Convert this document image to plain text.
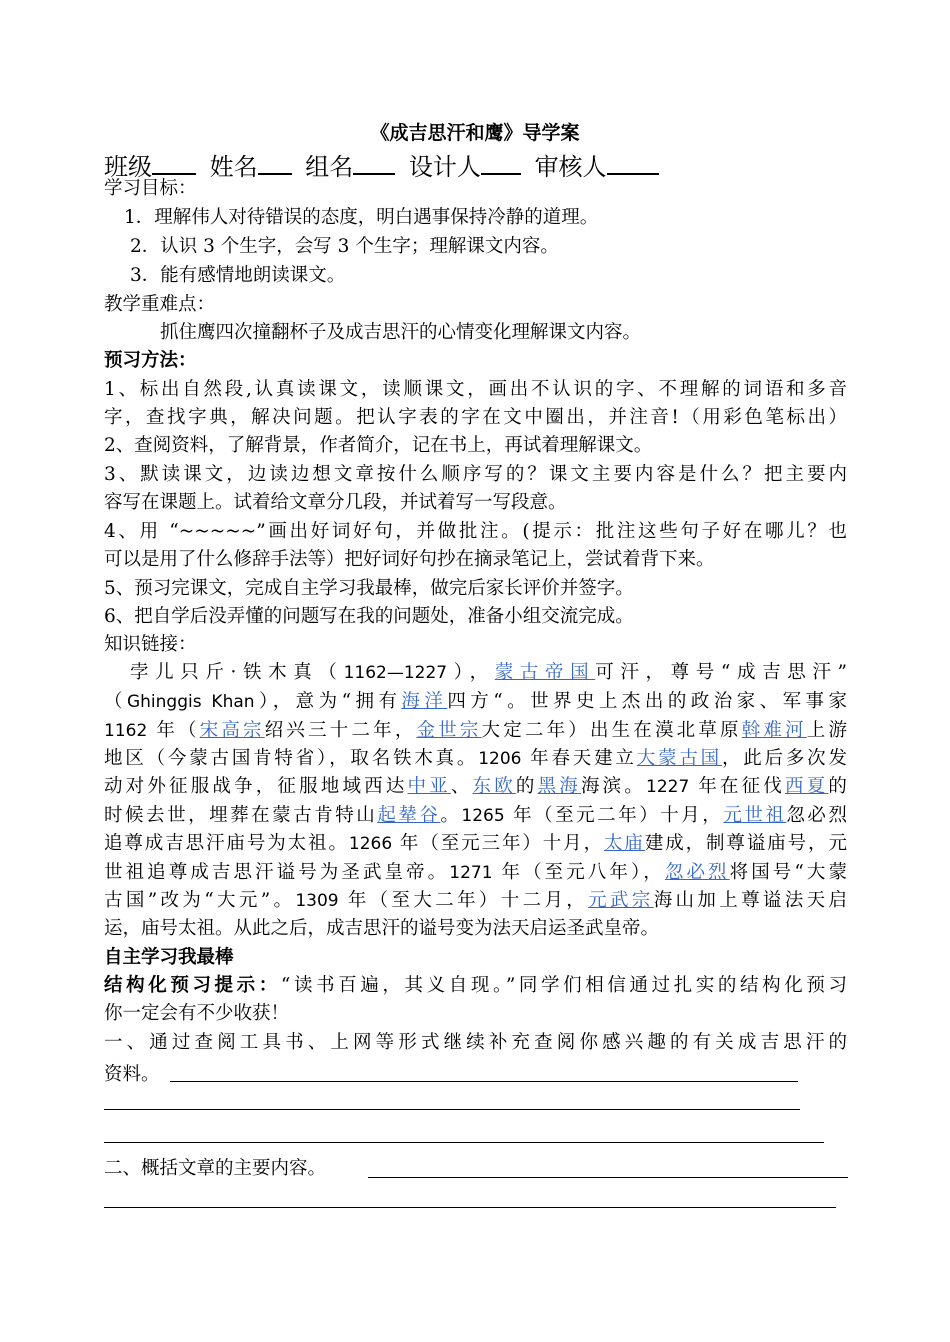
《成吉思汗和鹰》导学案
班级 姓名 组名 设计人 审核人
学习目标：
1．理解伟人对待错误的态度，明白遇事保持冷静的道理。
2．认识 3 个生字，会写 3 个生字；理解课文内容。
3．能有感情地朗读课文。
教学重难点：
抓住鹰四次撞翻杯子及成吉思汗的心情变化理解课文内容。
预习方法：
1、标出自然段,认真读课文，读顺课文，画出不认识的字、不理解的词语和多音
字，查找字典，解决问题。把认字表的字在文中圈出，并注音!（用彩色笔标出）
2、查阅资料，了解背景，作者简介，记在书上，再试着理解课文。
3、默读课文，边读边想文章按什么顺序写的？课文主要内容是什么？把主要内
容写在课题上。试着给文章分几段，并试着写一写段意。
4、用 “~~~~~”画出好词好句，并做批注。(提示：批注这些句子好在哪儿？也
可以是用了什么修辞手法等）把好词好句抄在摘录笔记上，尝试着背下来。
5、预习完课文，完成自主学习我最棒，做完后家长评价并签字。
6、把自学后没弄懂的问题写在我的问题处，准备小组交流完成。
知识链接：
孛儿只斤·铁木真（1162—1227），蒙古帝国可汗，尊号“成吉思汗”
（Ghinggis Khan），意为“拥有海洋四方“。世界史上杰出的政治家、军事家
1162 年（宋高宗绍兴三十二年，金世宗大定二年）出生在漠北草原斡难河上游
地区（今蒙古国肯特省），取名铁木真。1206 年春天建立大蒙古国，此后多次发
动对外征服战争，征服地域西达中亚、东欧的黑海海滨。1227 年在征伐西夏的
时候去世，埋葬在蒙古肯特山起辇谷。1265 年（至元二年）十月，元世祖忽必烈
追尊成吉思汗庙号为太祖。1266 年（至元三年）十月，太庙建成，制尊谥庙号，元
世祖追尊成吉思汗谥号为圣武皇帝。1271 年（至元八年），忽必烈将国号“大蒙
古国”改为“大元”。1309 年（至大二年）十二月，元武宗海山加上尊谥法天启
运，庙号太祖。从此之后，成吉思汗的谥号变为法天启运圣武皇帝。
自主学习我最棒
结构化预习提示：“读书百遍，其义自现。”同学们相信通过扎实的结构化预习
你一定会有不少收获！
一、通过查阅工具书、上网等形式继续补充查阅你感兴趣的有关成吉思汗的
资料。
二、概括文章的主要内容。
